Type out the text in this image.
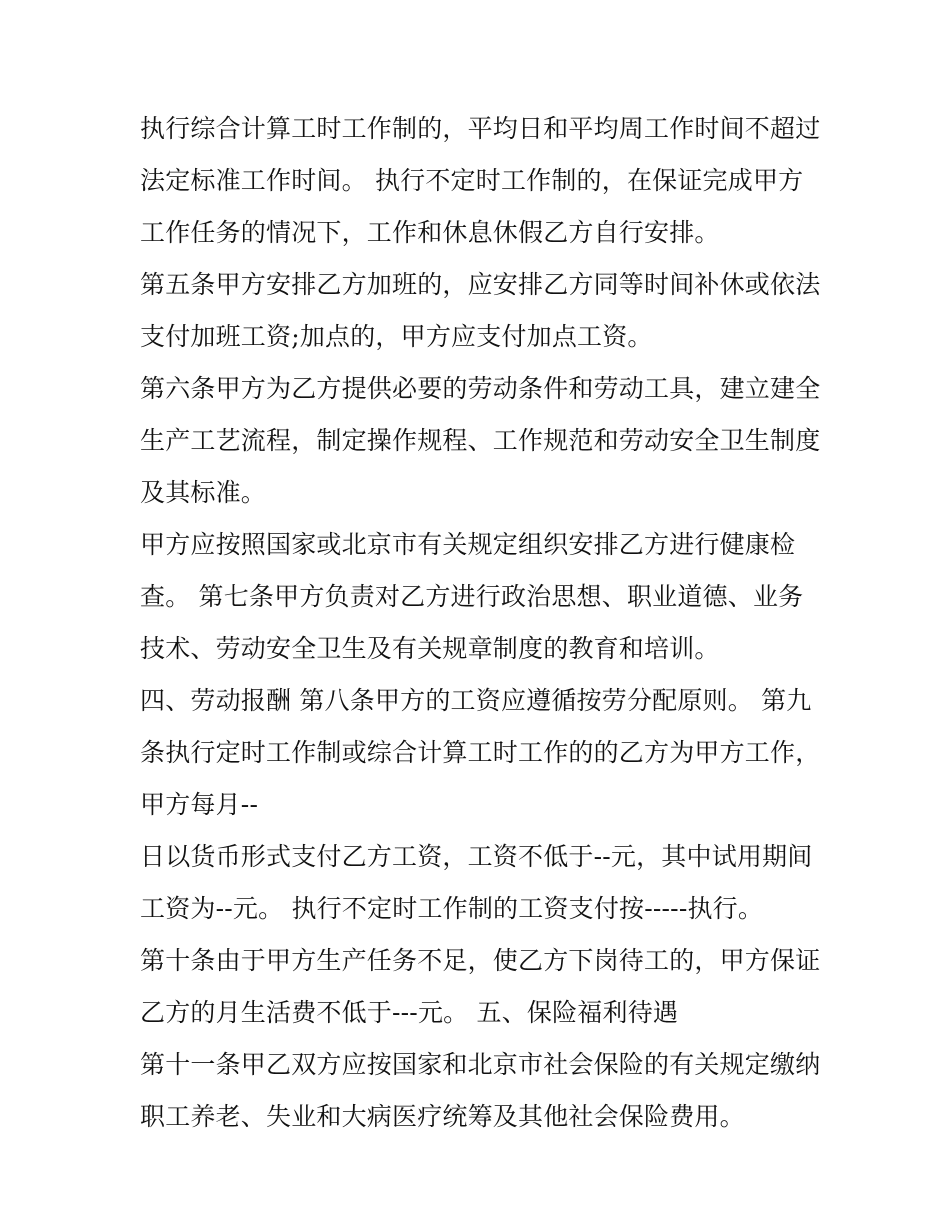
执行综合计算工时工作制的，平均日和平均周工作时间不超过
法定标准工作时间。 执行不定时工作制的，在保证完成甲方
工作任务的情况下，工作和休息休假乙方自行安排。
第五条甲方安排乙方加班的，应安排乙方同等时间补休或依法
支付加班工资;加点的，甲方应支付加点工资。
第六条甲方为乙方提供必要的劳动条件和劳动工具，建立建全
生产工艺流程，制定操作规程、工作规范和劳动安全卫生制度
及其标准。
甲方应按照国家或北京市有关规定组织安排乙方进行健康检
查。 第七条甲方负责对乙方进行政治思想、职业道德、业务
技术、劳动安全卫生及有关规章制度的教育和培训。
四、劳动报酬 第八条甲方的工资应遵循按劳分配原则。 第九
条执行定时工作制或综合计算工时工作的的乙方为甲方工作，
甲方每月--
日以货币形式支付乙方工资，工资不低于--元，其中试用期间
工资为--元。 执行不定时工作制的工资支付按-----执行。
第十条由于甲方生产任务不足，使乙方下岗待工的，甲方保证
乙方的月生活费不低于---元。 五、保险福利待遇
第十一条甲乙双方应按国家和北京市社会保险的有关规定缴纳
职工养老、失业和大病医疗统筹及其他社会保险费用。
